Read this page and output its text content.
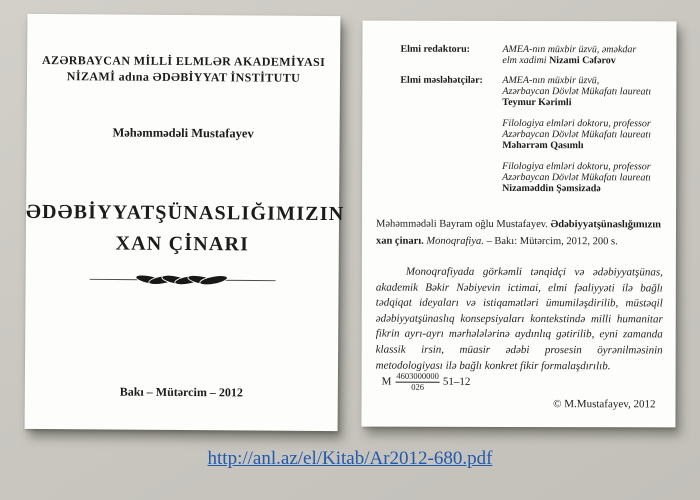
AZƏRBAYCAN MİLLİ ELMLƏR AKADEMİYASI
NİZAMİ adına ƏDƏBİYYAT İNSTİTUTU
Məhəmmədəli Mustafayev
ƏDƏBİYYATŞÜNASLIĞIMIZIN
XAN ÇİNARI
Bakı – Mütərcim – 2012
Elmi redaktoru:	AMEA-nın müxbir üzvü, əməkdar
elm xadimi Nizami Cəfərov
Elmi məsləhətçilər:	AMEA-nın müxbir üzvü,
Azərbaycan Dövlət Mükafatı laureatı
Teymur Kərimli
Filologiya elmləri doktoru, professor
Azərbaycan Dövlət Mükafatı laureatı
Məhərrəm Qasımlı
Filologiya elmləri doktoru, professor
Azərbaycan Dövlət Mükafatı laureatı
Nizaməddin Şəmsizadə
Məhəmmədəli Bayram oğlu Mustafayev. Ədəbiyyatşünaslığımızın xan çinarı. Monoqrafiya. – Bakı: Mütərcim, 2012, 200 s.
Monoqrafiyada görkəmli tənqidçi və ədəbiyyatşünas, akademik Bəkir Nəbiyevin ictimai, elmi fəaliyyəti ilə bağlı tədqiqat ideyaları və istiqamətləri ümumiləşdirilib, müstəqil ədəbiyyatşünaslıq konsepsiyaları kontekstində milli humanitar fikrin ayrı-ayrı mərhələlərinə aydınlıq gətirilib, eyni zamanda klassik irsin, müasir ədəbi prosesin öyrənilməsinin metodologiyası ilə bağlı konkret fikir formalaşdırılıb.
M $\frac{4603000000}{026} 51-12$
© M.Mustafayev, 2012
http://anl.az/el/Kitab/Ar2012-680.pdf
